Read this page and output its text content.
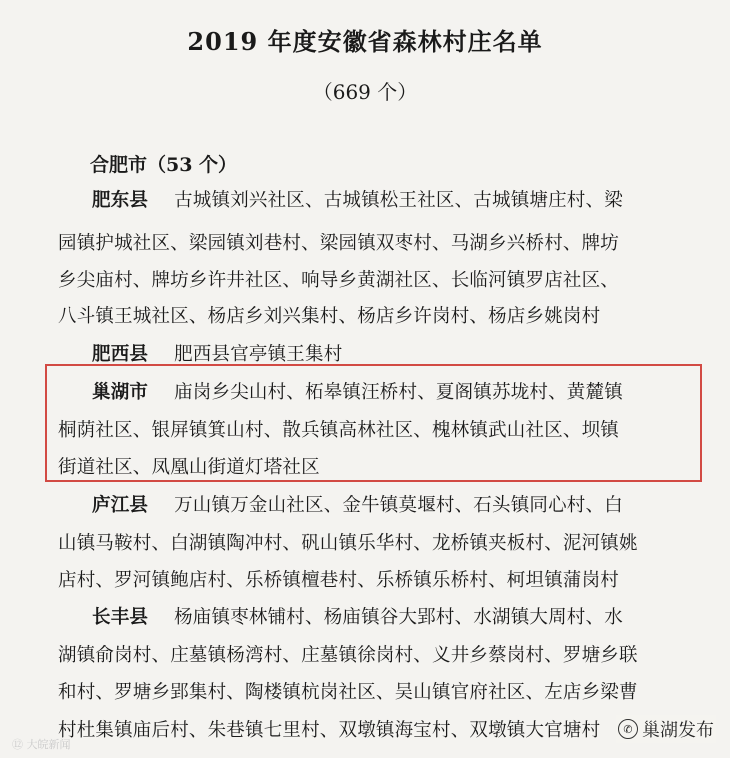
2019 年度安徽省森林村庄名单
（669 个）
合肥市（53 个）
肥东县 古城镇刘兴社区、古城镇松王社区、古城镇塘庄村、梁
园镇护城社区、梁园镇刘巷村、梁园镇双枣村、马湖乡兴桥村、牌坊
乡尖庙村、牌坊乡许井社区、响导乡黄湖社区、长临河镇罗店社区、
八斗镇王城社区、杨店乡刘兴集村、杨店乡许岗村、杨店乡姚岗村
肥西县 肥西县官亭镇王集村
巢湖市 庙岗乡尖山村、柘皋镇汪桥村、夏阁镇苏垅村、黄麓镇
桐荫社区、银屏镇箕山村、散兵镇高林社区、槐林镇武山社区、坝镇
街道社区、凤凰山街道灯塔社区
庐江县 万山镇万金山社区、金牛镇莫堰村、石头镇同心村、白
山镇马鞍村、白湖镇陶冲村、矾山镇乐华村、龙桥镇夹板村、泥河镇姚
店村、罗河镇鲍店村、乐桥镇檀巷村、乐桥镇乐桥村、柯坦镇蒲岗村
长丰县 杨庙镇枣林铺村、杨庙镇谷大郢村、水湖镇大周村、水
湖镇俞岗村、庄墓镇杨湾村、庄墓镇徐岗村、义井乡蔡岗村、罗塘乡联
和村、罗塘乡郢集村、陶楼镇杭岗社区、吴山镇官府社区、左店乡梁曹
村杜集镇庙后村、朱巷镇七里村、双墩镇海宝村、双墩镇大官塘村
⑫ 大皖新闻
✆ 巢湖发布
